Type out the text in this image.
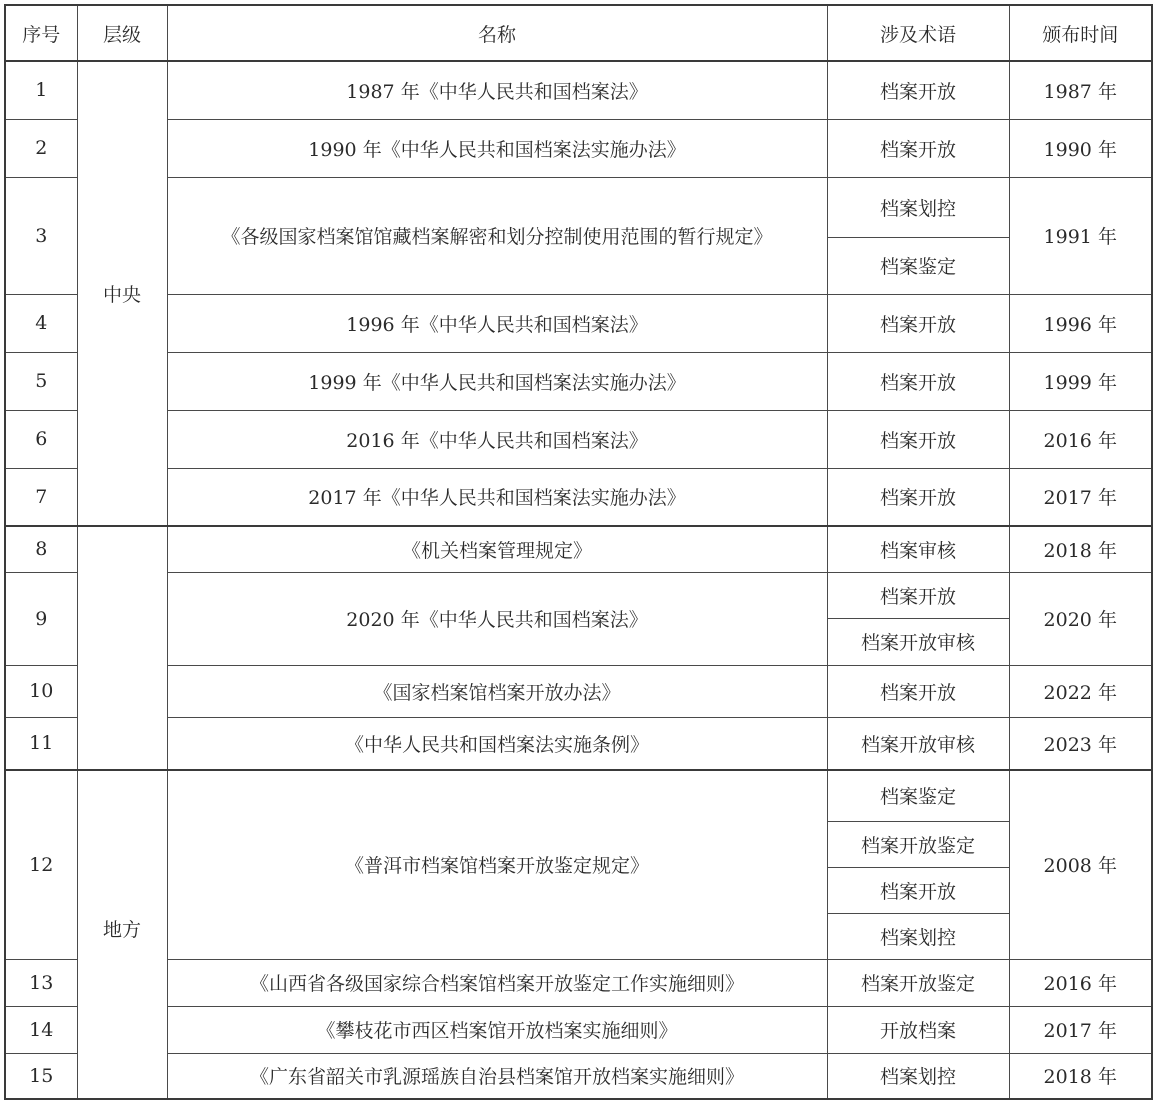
序号	层级	名称	涉及术语	颁布时间
1	中央	1987 年《中华人民共和国档案法》	档案开放	1987 年
2		1990 年《中华人民共和国档案法实施办法》	档案开放	1990 年
3		《各级国家档案馆馆藏档案解密和划分控制使用范围的暂行规定》	档案划控	1991 年
			档案鉴定	
4		1996 年《中华人民共和国档案法》	档案开放	1996 年
5		1999 年《中华人民共和国档案法实施办法》	档案开放	1999 年
6		2016 年《中华人民共和国档案法》	档案开放	2016 年
7		2017 年《中华人民共和国档案法实施办法》	档案开放	2017 年
8		《机关档案管理规定》	档案审核	2018 年
9		2020 年《中华人民共和国档案法》	档案开放	2020 年
			档案开放审核	
10		《国家档案馆档案开放办法》	档案开放	2022 年
11		《中华人民共和国档案法实施条例》	档案开放审核	2023 年
12	地方	《普洱市档案馆档案开放鉴定规定》	档案鉴定	2008 年
			档案开放鉴定	
			档案开放	
			档案划控	
13		《山西省各级国家综合档案馆档案开放鉴定工作实施细则》	档案开放鉴定	2016 年
14		《攀枝花市西区档案馆开放档案实施细则》	开放档案	2017 年
15		《广东省韶关市乳源瑶族自治县档案馆开放档案实施细则》	档案划控	2018 年
